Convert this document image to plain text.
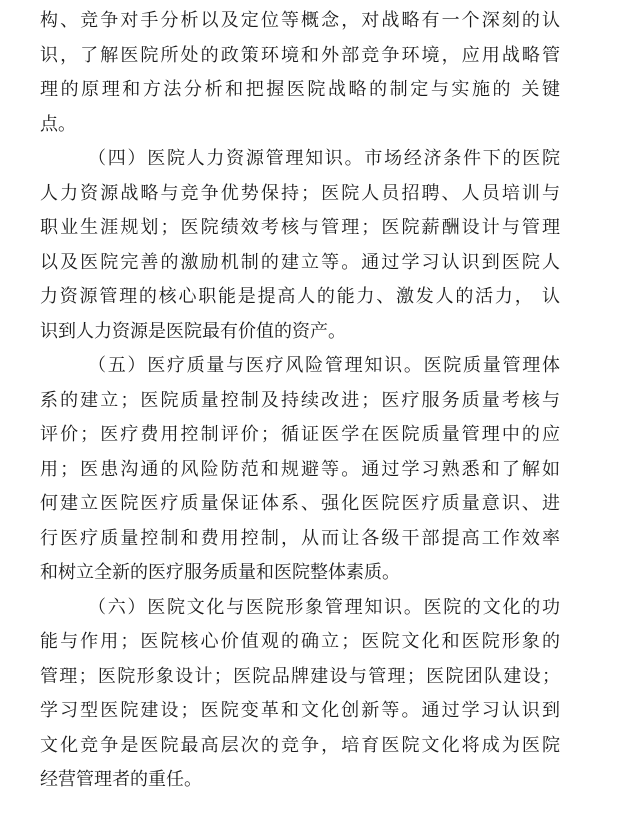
构、竞争对手分析以及定位等概念，对战略有一个深刻的认
识，了解医院所处的政策环境和外部竞争环境，应用战略管
理的原理和方法分析和把握医院战略的制定与实施的 关键
点。
（四）医院人力资源管理知识。市场经济条件下的医院
人力资源战略与竞争优势保持；医院人员招聘、人员培训与
职业生涯规划；医院绩效考核与管理；医院薪酬设计与管理
以及医院完善的激励机制的建立等。通过学习认识到医院人
力资源管理的核心职能是提高人的能力、激发人的活力， 认
识到人力资源是医院最有价值的资产。
（五）医疗质量与医疗风险管理知识。医院质量管理体
系的建立；医院质量控制及持续改进；医疗服务质量考核与
评价；医疗费用控制评价；循证医学在医院质量管理中的应
用；医患沟通的风险防范和规避等。通过学习熟悉和了解如
何建立医院医疗质量保证体系、强化医院医疗质量意识、进
行医疗质量控制和费用控制，从而让各级干部提高工作效率
和树立全新的医疗服务质量和医院整体素质。
（六）医院文化与医院形象管理知识。医院的文化的功
能与作用；医院核心价值观的确立；医院文化和医院形象的
管理；医院形象设计；医院品牌建设与管理；医院团队建设；
学习型医院建设；医院变革和文化创新等。通过学习认识到
文化竞争是医院最高层次的竞争，培育医院文化将成为医院
经营管理者的重任。
